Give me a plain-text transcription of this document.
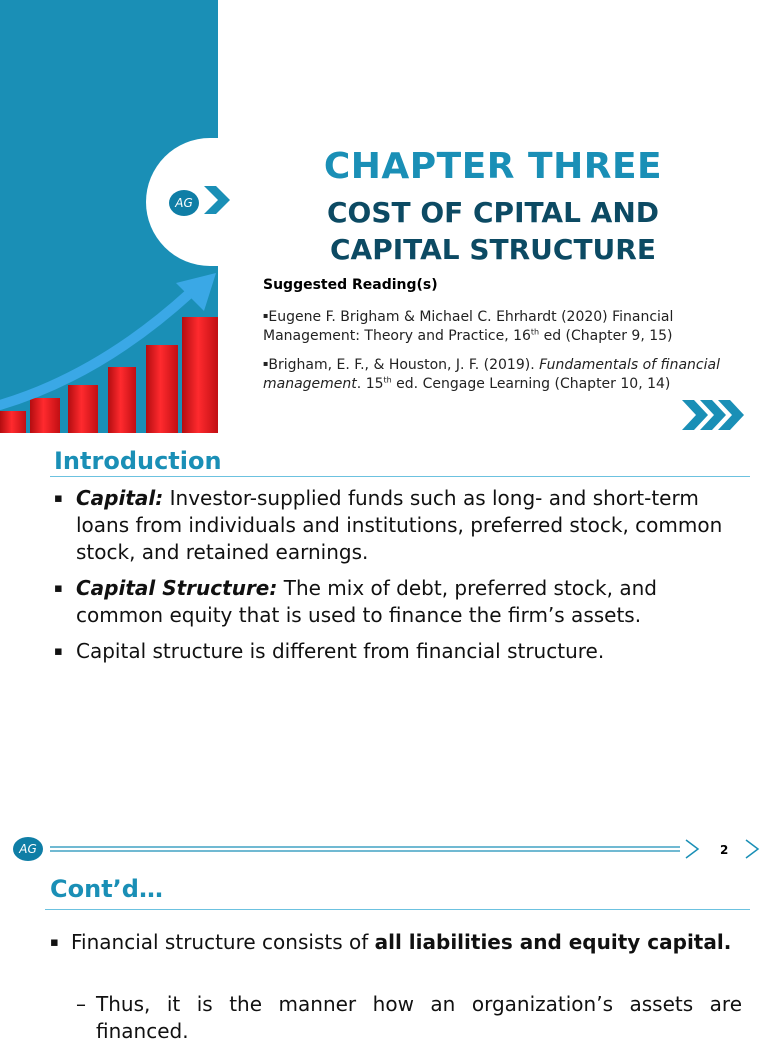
AG
CHAPTER THREE
COST OF CPITAL AND
CAPITAL STRUCTURE
Suggested Reading(s)
▪Eugene F. Brigham & Michael C. Ehrhardt (2020) Financial Management: Theory and Practice, 16th ed (Chapter 9, 15)
▪Brigham, E. F., & Houston, J. F. (2019). Fundamentals of financial management. 15th ed. Cengage Learning (Chapter 10, 14)
Introduction
▪ Capital: Investor-supplied funds such as long- and short-term loans from individuals and institutions, preferred stock, common stock, and retained earnings.
▪ Capital Structure: The mix of debt, preferred stock, and common equity that is used to finance the firm’s assets.
▪ Capital structure is different from financial structure.
AG	2
Cont’d…
▪ Financial structure consists of all liabilities and equity capital.
– Thus, it is the manner how an organization’s assets are financed.
